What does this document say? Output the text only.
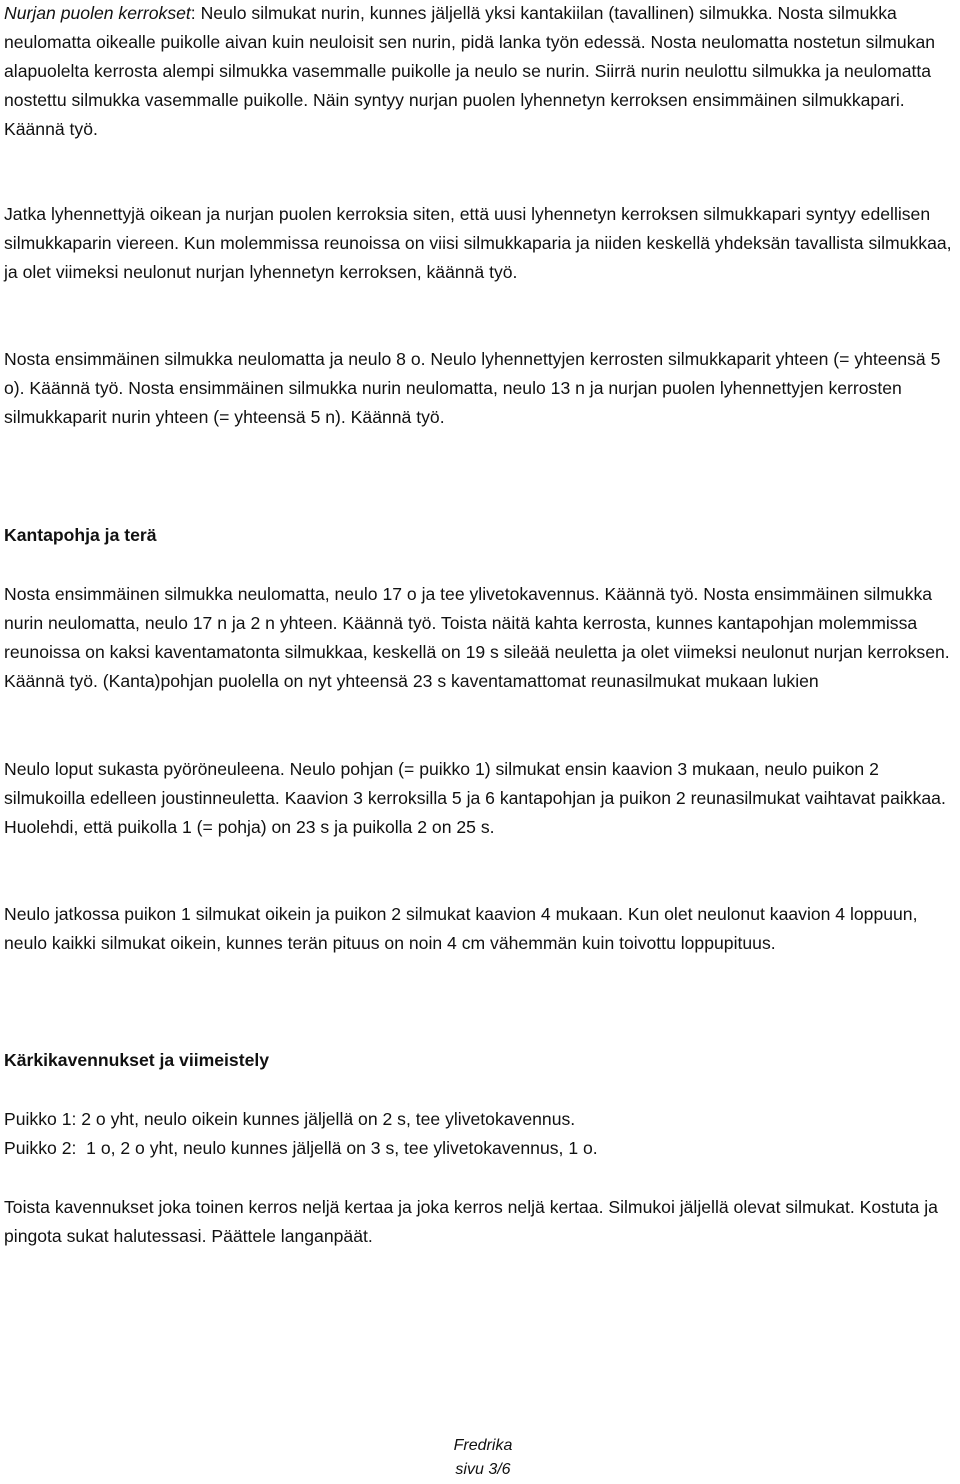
Nurjan puolen kerrokset: Neulo silmukat nurin, kunnes jäljellä yksi kantakiilan (tavallinen) silmukka. Nosta silmukka neulomatta oikealle puikolle aivan kuin neuloisit sen nurin, pidä lanka työn edessä. Nosta neulomatta nostetun silmukan alapuolelta kerrosta alempi silmukka vasemmalle puikolle ja neulo se nurin. Siirrä nurin neulottu silmukka ja neulomatta nostettu silmukka vasemmalle puikolle. Näin syntyy nurjan puolen lyhennetyn kerroksen ensimmäinen silmukkapari. Käännä työ.

Jatka lyhennettyjä oikean ja nurjan puolen kerroksia siten, että uusi lyhennetyn kerroksen silmukkapari syntyy edellisen silmukkaparin viereen. Kun molemmissa reunoissa on viisi silmukkaparia ja niiden keskellä yhdeksän tavallista silmukkaa, ja olet viimeksi neulonut nurjan lyhennetyn kerroksen, käännä työ.

Nosta ensimmäinen silmukka neulomatta ja neulo 8 o. Neulo lyhennettyjen kerrosten silmukkaparit yhteen (= yhteensä 5 o). Käännä työ. Nosta ensimmäinen silmukka nurin neulomatta, neulo 13 n ja nurjan puolen lyhennettyjen kerrosten silmukkaparit nurin yhteen (= yhteensä 5 n). Käännä työ.

Kantapohja ja terä

Nosta ensimmäinen silmukka neulomatta, neulo 17 o ja tee ylivetokavennus. Käännä työ. Nosta ensimmäinen silmukka nurin neulomatta, neulo 17 n ja 2 n yhteen. Käännä työ. Toista näitä kahta kerrosta, kunnes kantapohjan molemmissa reunoissa on kaksi kaventamatonta silmukkaa, keskellä on 19 s sileää neuletta ja olet viimeksi neulonut nurjan kerroksen. Käännä työ. (Kanta)pohjan puolella on nyt yhteensä 23 s kaventamattomat reunasilmukat mukaan lukien

Neulo loput sukasta pyöröneuleena. Neulo pohjan (= puikko 1) silmukat ensin kaavion 3 mukaan, neulo puikon 2 silmukoilla edelleen joustinneuletta. Kaavion 3 kerroksilla 5 ja 6 kantapohjan ja puikon 2 reunasilmukat vaihtavat paikkaa. Huolehdi, että puikolla 1 (= pohja) on 23 s ja puikolla 2 on 25 s.

Neulo jatkossa puikon 1 silmukat oikein ja puikon 2 silmukat kaavion 4 mukaan. Kun olet neulonut kaavion 4 loppuun, neulo kaikki silmukat oikein, kunnes terän pituus on noin 4 cm vähemmän kuin toivottu loppupituus.

Kärkikavennukset ja viimeistely

Puikko 1: 2 o yht, neulo oikein kunnes jäljellä on 2 s, tee ylivetokavennus.

Puikko 2:  1 o, 2 o yht, neulo kunnes jäljellä on 3 s, tee ylivetokavennus, 1 o.

Toista kavennukset joka toinen kerros neljä kertaa ja joka kerros neljä kertaa. Silmukoi jäljellä olevat silmukat. Kostuta ja pingota sukat halutessasi. Päättele langanpäät.

Fredrika
sivu 3/6
